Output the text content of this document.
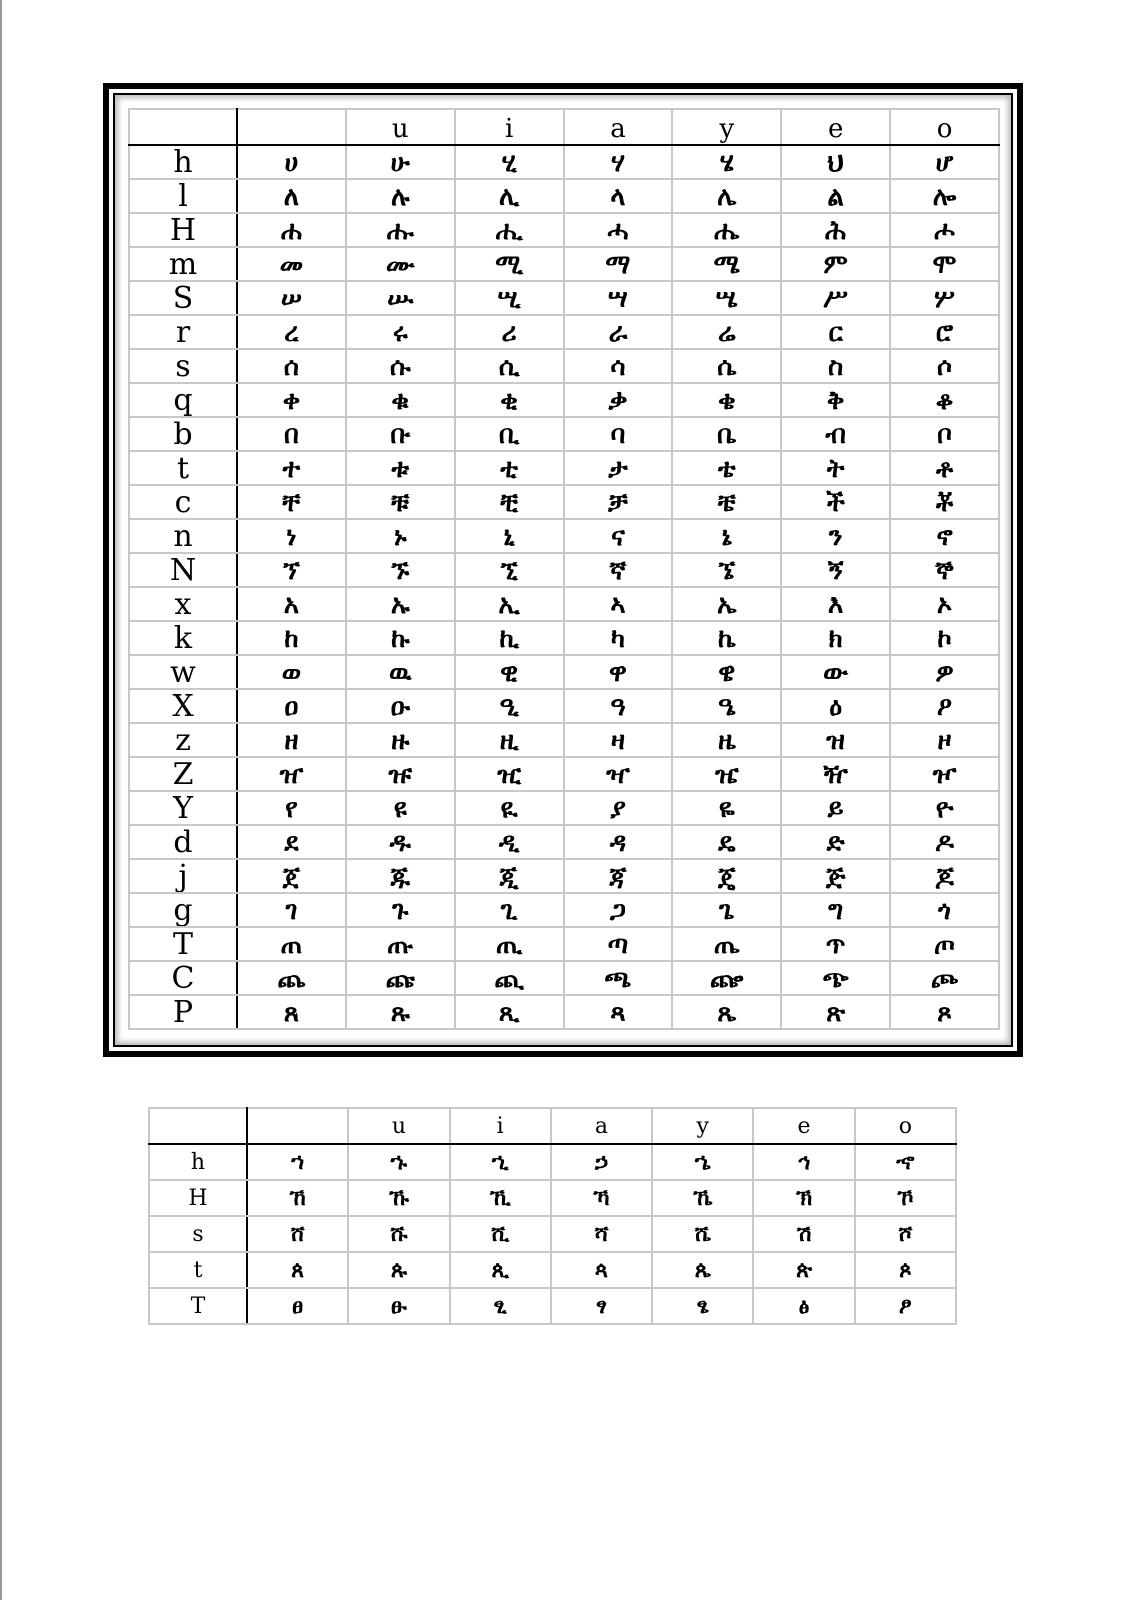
		u	i	a	y	e	o
h	ሀ	ሁ	ሂ	ሃ	ሄ	ህ	ሆ
l	ለ	ሉ	ሊ	ላ	ሌ	ል	ሎ
H	ሐ	ሑ	ሒ	ሓ	ሔ	ሕ	ሖ
m	መ	ሙ	ሚ	ማ	ሜ	ም	ሞ
S	ሠ	ሡ	ሢ	ሣ	ሤ	ሥ	ሦ
r	ረ	ሩ	ሪ	ራ	ሬ	ር	ሮ
s	ሰ	ሱ	ሲ	ሳ	ሴ	ስ	ሶ
q	ቀ	ቁ	ቂ	ቃ	ቄ	ቅ	ቆ
b	በ	ቡ	ቢ	ባ	ቤ	ብ	ቦ
t	ተ	ቱ	ቲ	ታ	ቴ	ት	ቶ
c	ቸ	ቹ	ቺ	ቻ	ቼ	ች	ቾ
n	ነ	ኑ	ኒ	ና	ኔ	ን	ኖ
N	ኘ	ኙ	ኚ	ኛ	ኜ	ኝ	ኞ
x	አ	ኡ	ኢ	ኣ	ኤ	እ	ኦ
k	ከ	ኩ	ኪ	ካ	ኬ	ክ	ኮ
w	ወ	ዉ	ዊ	ዋ	ዌ	ው	ዎ
X	ዐ	ዑ	ዒ	ዓ	ዔ	ዕ	ዖ
z	ዘ	ዙ	ዚ	ዛ	ዜ	ዝ	ዞ
Z	ዠ	ዡ	ዢ	ዣ	ዤ	ዥ	ዦ
Y	የ	ዩ	ዪ	ያ	ዬ	ይ	ዮ
d	ደ	ዱ	ዲ	ዳ	ዴ	ድ	ዶ
j	ጀ	ጁ	ጂ	ጃ	ጄ	ጅ	ጆ
g	ገ	ጉ	ጊ	ጋ	ጌ	ግ	ጎ
T	ጠ	ጡ	ጢ	ጣ	ጤ	ጥ	ጦ
C	ጨ	ጩ	ጪ	ጫ	ጬ	ጭ	ጮ
P	ጸ	ጹ	ጺ	ጻ	ጼ	ጽ	ጾ
		u	i	a	y	e	o
h	ኀ	ኁ	ኂ	ኃ	ኄ	ኅ	ኆ
H	ኸ	ኹ	ኺ	ኻ	ኼ	ኽ	ኾ
s	ሸ	ሹ	ሺ	ሻ	ሼ	ሽ	ሾ
t	ጰ	ጱ	ጲ	ጳ	ጴ	ጵ	ጶ
T	ፀ	ፁ	ፂ	ፃ	ፄ	ፅ	ፆ
